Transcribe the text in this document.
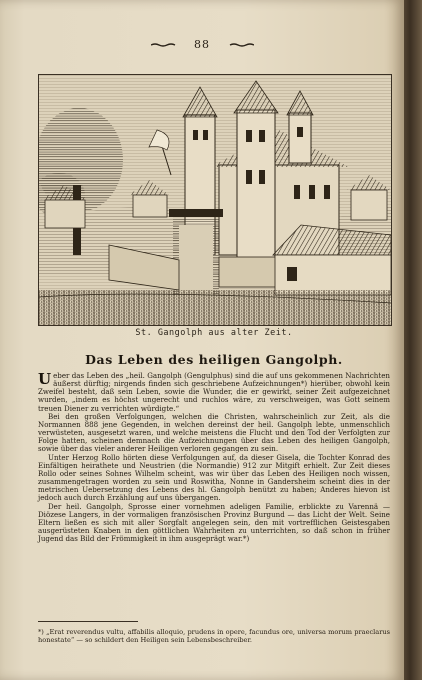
88
St. Gangolph aus alter Zeit.
Das Leben des heiligen Gangolph.

Ueber das Leben des „heil. Gangolph (Gengulphus) sind die auf uns gekommenen Nachrichten äußerst dürftig; nirgends finden sich geschriebene Aufzeichnungen*) hierüber, obwohl kein Zweifel besteht, daß sein Leben, sowie die Wunder, die er gewirkt, seiner Zeit aufgezeichnet wurden, „indem es höchst ungerecht und ruchlos wäre, zu verschweigen, was Gott seinem treuen Diener zu verrichten würdigte.“

Bei den großen Verfolgungen, welchen die Christen, wahrscheinlich zur Zeit, als die Normannen 888 jene Gegenden, in welchen dereinst der heil. Gangolph lebte, unmenschlich verwüsteten, ausgesetzt waren, und welche meistens die Flucht und den Tod der Verfolgten zur Folge hatten, scheinen demnach die Aufzeichnungen über das Leben des heiligen Gangolph, sowie über das vieler anderer Heiligen verloren gegangen zu sein.

Unter Herzog Rollo hörten diese Verfolgungen auf, da dieser Gisela, die Tochter Konrad des Einfältigen heirathete und Neustrien (die Normandie) 912 zur Mitgift erhielt. Zur Zeit dieses Rollo oder seines Sohnes Wilhelm scheint, was wir über das Leben des Heiligen noch wissen, zusammengetragen worden zu sein und Roswitha, Nonne in Gandersheim scheint dies in der metrischen Uebersetzung des Lebens des hl. Gangolph benützt zu haben; Anderes hievon ist jedoch auch durch Erzählung auf uns übergangen.

Der heil. Gangolph, Sprosse einer vornehmen adeligen Familie, erblickte zu Varennä — Diözese Langers, in der vormaligen französischen Provinz Burgund — das Licht der Welt. Seine Eltern ließen es sich mit aller Sorgfalt angelegen sein, den mit vortrefflichen Geistesgaben ausgerüsteten Knaben in den göttlichen Wahrheiten zu unterrichten, so daß schon in früher Jugend das Bild der Frömmigkeit in ihm ausgeprägt war.*)

*) „Erat reverendus vultu, affabilis alloquio, prudens in opere, facundus ore, universa morum praeclarus honestate“ — so schildert den Heiligen sein Lebensbeschreiber.
